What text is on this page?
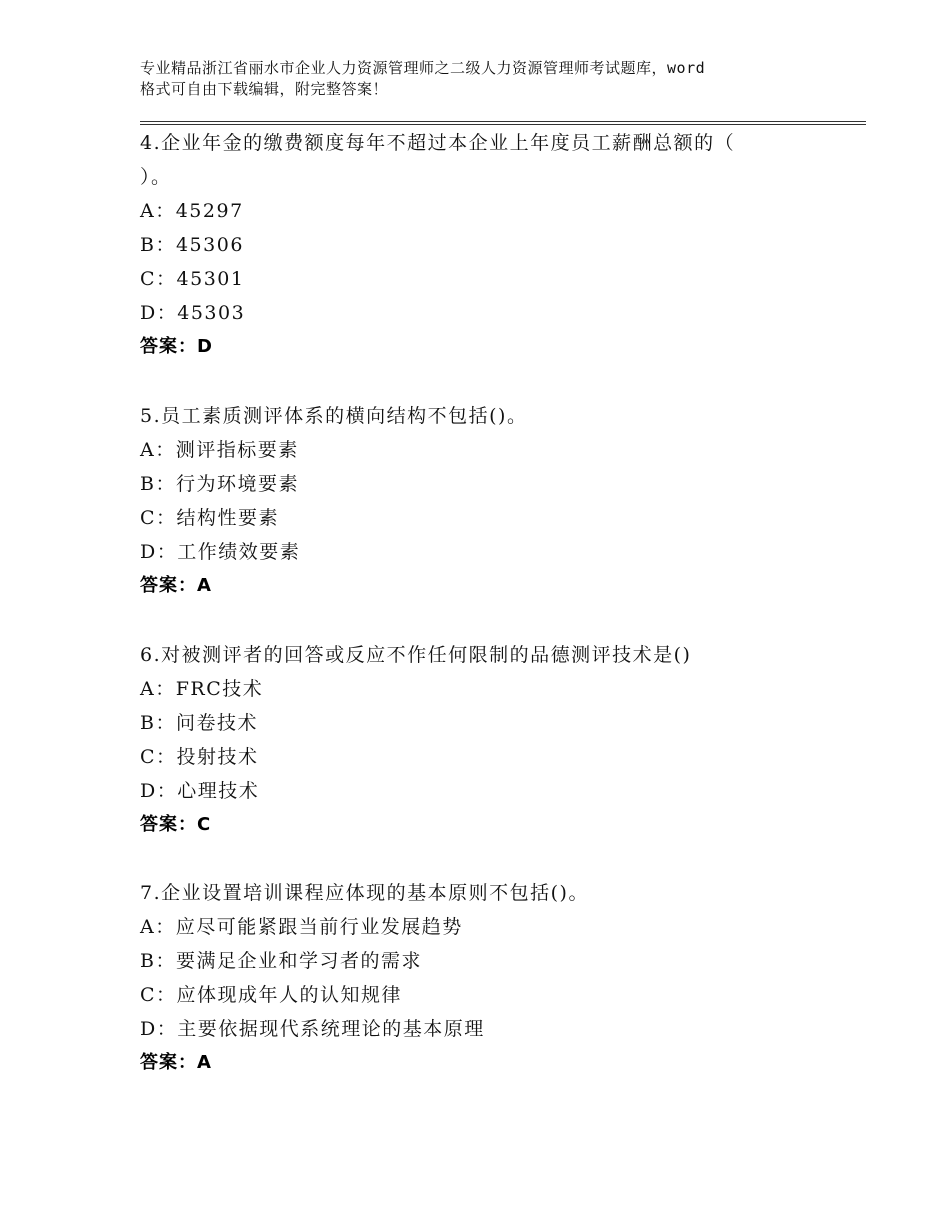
专业精品浙江省丽水市企业人力资源管理师之二级人力资源管理师考试题库，word
格式可自由下载编辑，附完整答案！
4.企业年金的缴费额度每年不超过本企业上年度员工薪酬总额的（
）。
A：45297
B：45306
C：45301
D：45303
答案：D
5.员工素质测评体系的横向结构不包括()。
A：测评指标要素
B：行为环境要素
C：结构性要素
D：工作绩效要素
答案：A
6.对被测评者的回答或反应不作任何限制的品德测评技术是()
A：FRC技术
B：问卷技术
C：投射技术
D：心理技术
答案：C
7.企业设置培训课程应体现的基本原则不包括()。
A：应尽可能紧跟当前行业发展趋势
B：要满足企业和学习者的需求
C：应体现成年人的认知规律
D：主要依据现代系统理论的基本原理
答案：A
